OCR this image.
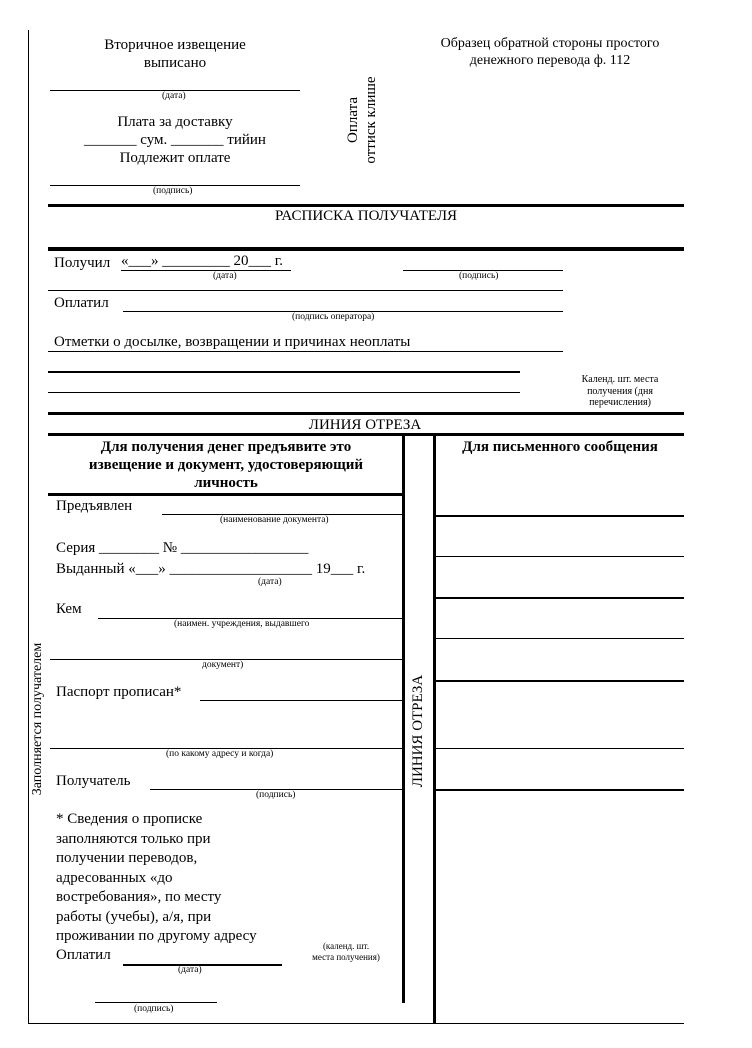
Вторичное извещение
выписано
(дата)
Плата за доставку
_______ сум. _______ тийин
Подлежит оплате
(подпись)
Оплата оттиск клише
Образец обратной стороны простого
денежного перевода ф. 112
РАСПИСКА ПОЛУЧАТЕЛЯ
Получил «___» _________ 20___ г.
(дата)	(подпись)
Оплатил
(подпись оператора)
Отметки о досылке, возвращении и причинах неоплаты
Календ. шт. места
получения (дня
перечисления)
ЛИНИЯ ОТРЕЗА
Для получения денег предъявите это
извещение и документ, удостоверяющий
личность
Предъявлен
(наименование документа)
Серия ________ № _________________
Выданный «___» ___________________ 19___ г.
(дата)
Кем
(наимен. учреждения, выдавшего
документ)
Паспорт прописан*
(по какому адресу и когда)
Получатель
(подпись)
* Сведения о прописке
заполняются только при
получении переводов,
адресованных «до
востребования», по месту
работы (учебы), а/я, при
проживании по другому адресу
Оплатил
(дата)
(календ. шт.
места получения)
(подпись)
Заполняется получателем	ЛИНИЯ ОТРЕЗА
Для письменного сообщения
